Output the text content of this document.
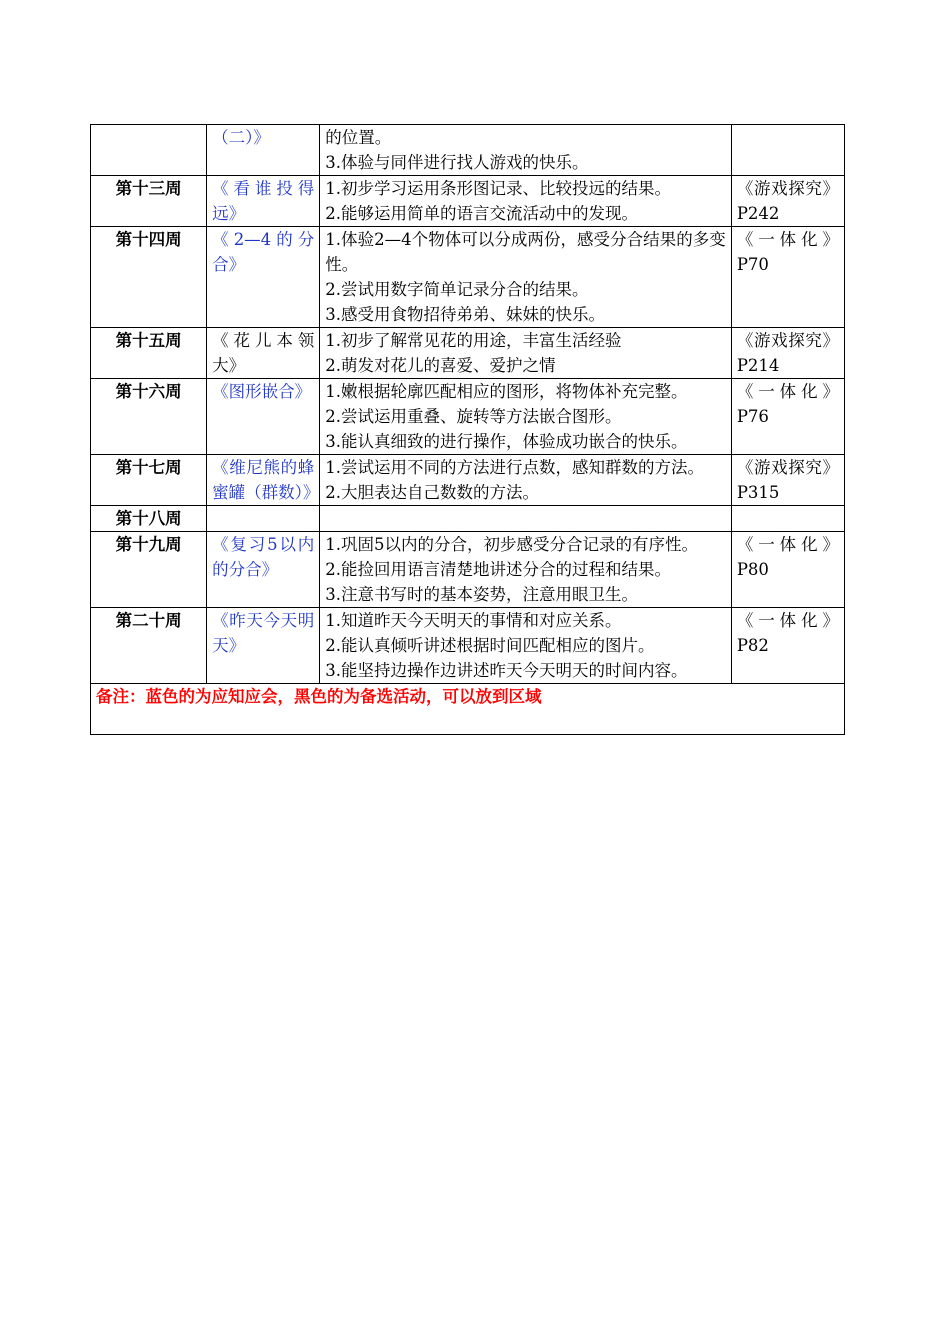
	（二）》	的位置。
3.体验与同伴进行找人游戏的快乐。	

第十三周	《看谁投得远》	1.初步学习运用条形图记录、比较投远的结果。
2.能够运用简单的语言交流活动中的发现。	《游戏探究》P242
第十四周	《2—4的分合》	1.体验2—4个物体可以分成两份，感受分合结果的多变性。
2.尝试用数字简单记录分合的结果。
3.感受用食物招待弟弟、妹妹的快乐。	《一体化》P70
第十五周	《花儿本领大》	1.初步了解常见花的用途，丰富生活经验
2.萌发对花儿的喜爱、爱护之情	《游戏探究》P214
第十六周	《图形嵌合》	1.嫩根据轮廓匹配相应的图形，将物体补充完整。
2.尝试运用重叠、旋转等方法嵌合图形。
3.能认真细致的进行操作，体验成功嵌合的快乐。	《一体化》P76
第十七周	《维尼熊的蜂蜜罐（群数）》	1.尝试运用不同的方法进行点数，感知群数的方法。
2.大胆表达自己数数的方法。	《游戏探究》P315
第十八周			
第十九周	《复习5以内的分合》	1.巩固5以内的分合，初步感受分合记录的有序性。
2.能捡回用语言清楚地讲述分合的过程和结果。
3.注意书写时的基本姿势，注意用眼卫生。	《一体化》P80
第二十周	《昨天今天明天》	1.知道昨天今天明天的事情和对应关系。
2.能认真倾听讲述根据时间匹配相应的图片。
3.能坚持边操作边讲述昨天今天明天的时间内容。	《一体化》P82
备注：蓝色的为应知应会，黑色的为备选活动，可以放到区域			
